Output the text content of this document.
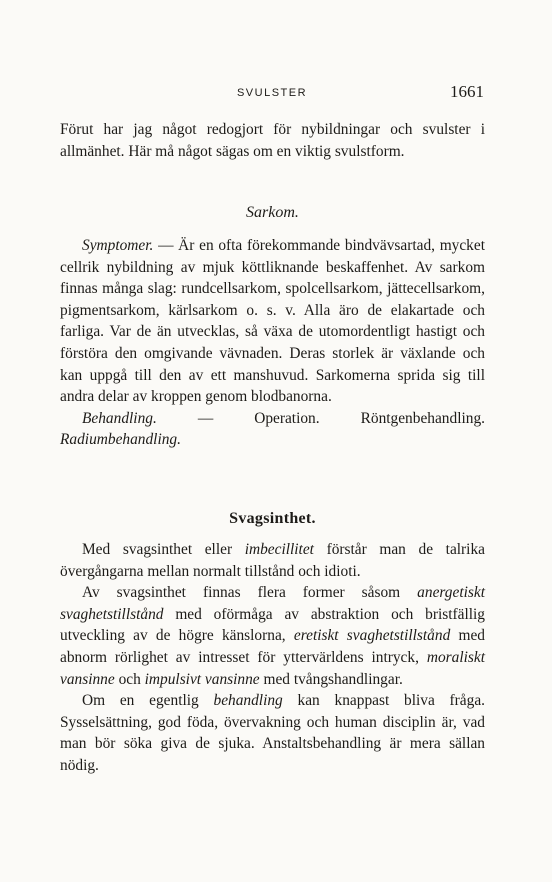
SVULSTER	1661

Förut har jag något redogjort för nybildningar och svulster i allmänhet. Här må något sägas om en viktig svulstform.

Sarkom.

Symptomer. — Är en ofta förekommande bindvävsartad, mycket cellrik nybildning av mjuk köttliknande beskaffenhet. Av sarkom finnas många slag: rundcellsarkom, spolcellsarkom, jättecellsarkom, pigmentsarkom, kärlsarkom o. s. v. Alla äro de elakartade och farliga. Var de än utvecklas, så växa de utomordentligt hastigt och förstöra den omgivande vävnaden. Deras storlek är växlande och kan uppgå till den av ett manshuvud. Sarkomerna sprida sig till andra delar av kroppen genom blodbanorna.

Behandling. — Operation. Röntgenbehandling. Radiumbehandling.

Svagsinthet.

Med svagsinthet eller imbecillitet förstår man de talrika övergångarna mellan normalt tillstånd och idioti.

Av svagsinthet finnas flera former såsom anergetiskt svaghetstillstånd med oförmåga av abstraktion och bristfällig utveckling av de högre känslorna, eretiskt svaghetstillstånd med abnorm rörlighet av intresset för yttervärldens intryck, moraliskt vansinne och impulsivt vansinne med tvångshandlingar.

Om en egentlig behandling kan knappast bliva fråga. Sysselsättning, god föda, övervakning och human disciplin är, vad man bör söka giva de sjuka. Anstaltsbehandling är mera sällan nödig.
